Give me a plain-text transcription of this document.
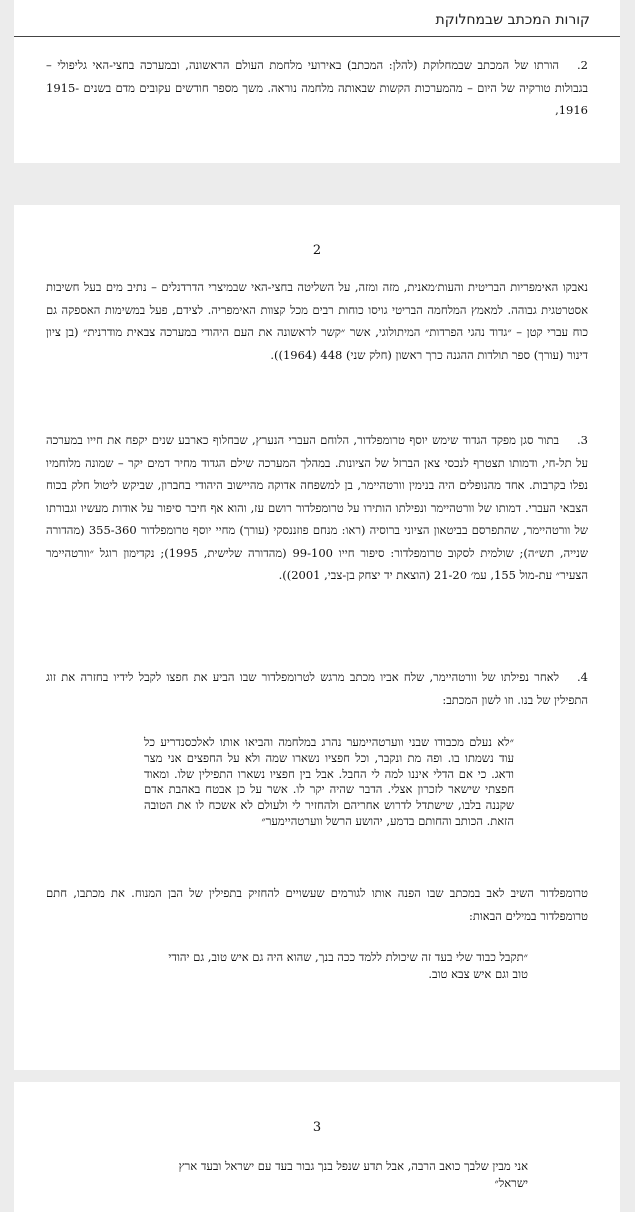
קורות המכתב שבמחלוקת
2.הורתו של המכתב שבמחלוקת (להלן: המכתב) באירועי מלחמת העולם הראשונה, ובמערכה בחצי-האי גליפולי – בגבולות טורקיה של היום – מהמערכות הקשות שבאותה מלחמה נוראה. משך מספר חודשים עקובים מדם בשנים 1915-1916,
2
נאבקו האימפריות הבריטית והעות׳מאנית, מזה ומזה, על השליטה בחצי-האי שבמיצרי הדרדנלים – נתיב מים בעל חשיבות אסטרטגית גבוהה. למאמץ המלחמה הבריטי גויסו כוחות רבים מכל קצוות האימפריה. לצידם, פעל במשימות האספקה גם כוח עברי קטן – ״גדוד נהגי הפרדות״ המיתולוגי, אשר ״קשר לראשונה את העם היהודי במערכה צבאית מודרנית״ (בן ציון דינור (עורך) ספר תולדות ההגנה כרך ראשון (חלק שני) 448 (1964)).
3.בתור סגן מפקד הגדוד שימש יוסף טרומפלדור, הלוחם העברי הנערץ, שבחלוף כארבע שנים יקפח את חייו במערכה על תל-חי, ודמותו תצטרף לנכסי צאן הברזל של הציונות. במהלך המערכה שילם הגדוד מחיר דמים יקר – שמונה מלוחמיו נפלו בקרבות. אחד מהנופלים היה בנימין וורטהיימר, בן למשפחה אדוקה מהיישוב היהודי בחברון, שביקש ליטול חלק בכוח הצבאי העברי. דמותו של וורטהיימר ונפילתו הותירו על טרומפלדור רושם עז, והוא אף חיבר סיפור על אודות מעשיו וגבורתו של וורטהיימר, שהתפרסם בביטאון הציוני ברוסיה (ראו: מנחם פוזננסקי (עורך) מחיי יוסף טרומפלדור 355-360 (מהדורה שנייה, תש״ה); שולמית לסקוב טרומפלדור: סיפור חייו 99-100 (מהדורה שלישית, 1995); נקדימון רוגל ״וורטהיימר הצעיר״ עת-מול 155, עמ׳ 21-20 (הוצאת יד יצחק בן-צבי, 2001)).
4.לאחר נפילתו של וורטהיימר, שלח אביו מכתב מרגש לטרומפלדור שבו הביע את חפצו לקבל לידיו בחזרה את זוג התפילין של בנו. וזו לשון המכתב:
״לא נעלם מכבודו שבני ווערטהיימער נהרג במלחמה והביאו אותו לאלכסנדריע כל עוד נשמתו בו. ופה מת ונקבר, וכל חפציו נשארו שמה ולא על החפצים אני מצר ודאג. כי אם הדלי איננו למה לי החבל. אבל בין חפציו נשארו התפילין שלו. ומאוד חפצתי שישאר לזכרון אצלי. הדבר שהיה יקר לו. אשר על כן אבטח באהבת אדם שקננה בלבו, שישתדל לדרוש אחריהם ולהחזיר לי ולעולם לא אשכח לו את הטובה הזאת. הכותב והחותם בדמע, יהושע הרשל ווערטהיימער״
טרומפלדור השיב לאב במכתב שבו הפנה אותו לגורמים שעשויים להחזיק בתפילין של הבן המנוח. את מכתבו, חתם טרומפלדור במילים הבאות:
״תקבל כבוד שלי בעד זה שיכולת ללמד ככה בנך, שהוא היה גם איש טוב, גם יהודי טוב וגם איש צבא טוב.
3
אני מבין שלבך כואב הרבה, אבל תדע שנפל בנך גבור בעד עם ישראל ובעד ארץ ישראל״
